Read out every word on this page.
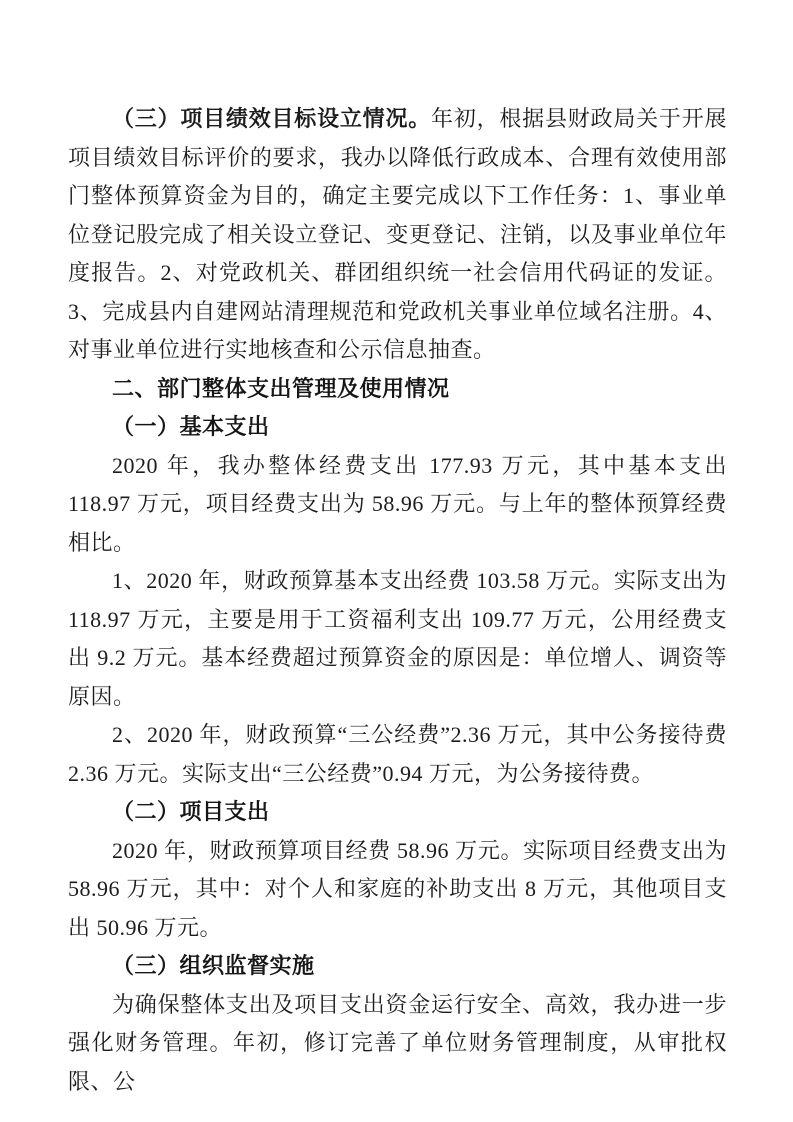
（三）项目绩效目标设立情况。年初，根据县财政局关于开展项目绩效目标评价的要求，我办以降低行政成本、合理有效使用部门整体预算资金为目的，确定主要完成以下工作任务：1、事业单位登记股完成了相关设立登记、变更登记、注销，以及事业单位年度报告。2、对党政机关、群团组织统一社会信用代码证的发证。3、完成县内自建网站清理规范和党政机关事业单位域名注册。4、对事业单位进行实地核查和公示信息抽查。

二、部门整体支出管理及使用情况

（一）基本支出

2020 年，我办整体经费支出 177.93 万元，其中基本支出 118.97 万元，项目经费支出为 58.96 万元。与上年的整体预算经费相比。

1、2020 年，财政预算基本支出经费 103.58 万元。实际支出为 118.97 万元，主要是用于工资福利支出 109.77 万元，公用经费支出 9.2 万元。基本经费超过预算资金的原因是：单位增人、调资等原因。

2、2020 年，财政预算“三公经费”2.36 万元，其中公务接待费 2.36 万元。实际支出“三公经费”0.94 万元，为公务接待费。

（二）项目支出

2020 年，财政预算项目经费 58.96 万元。实际项目经费支出为 58.96 万元，其中：对个人和家庭的补助支出 8 万元，其他项目支出 50.96 万元。

（三）组织监督实施

为确保整体支出及项目支出资金运行安全、高效，我办进一步强化财务管理。年初，修订完善了单位财务管理制度，从审批权限、公
